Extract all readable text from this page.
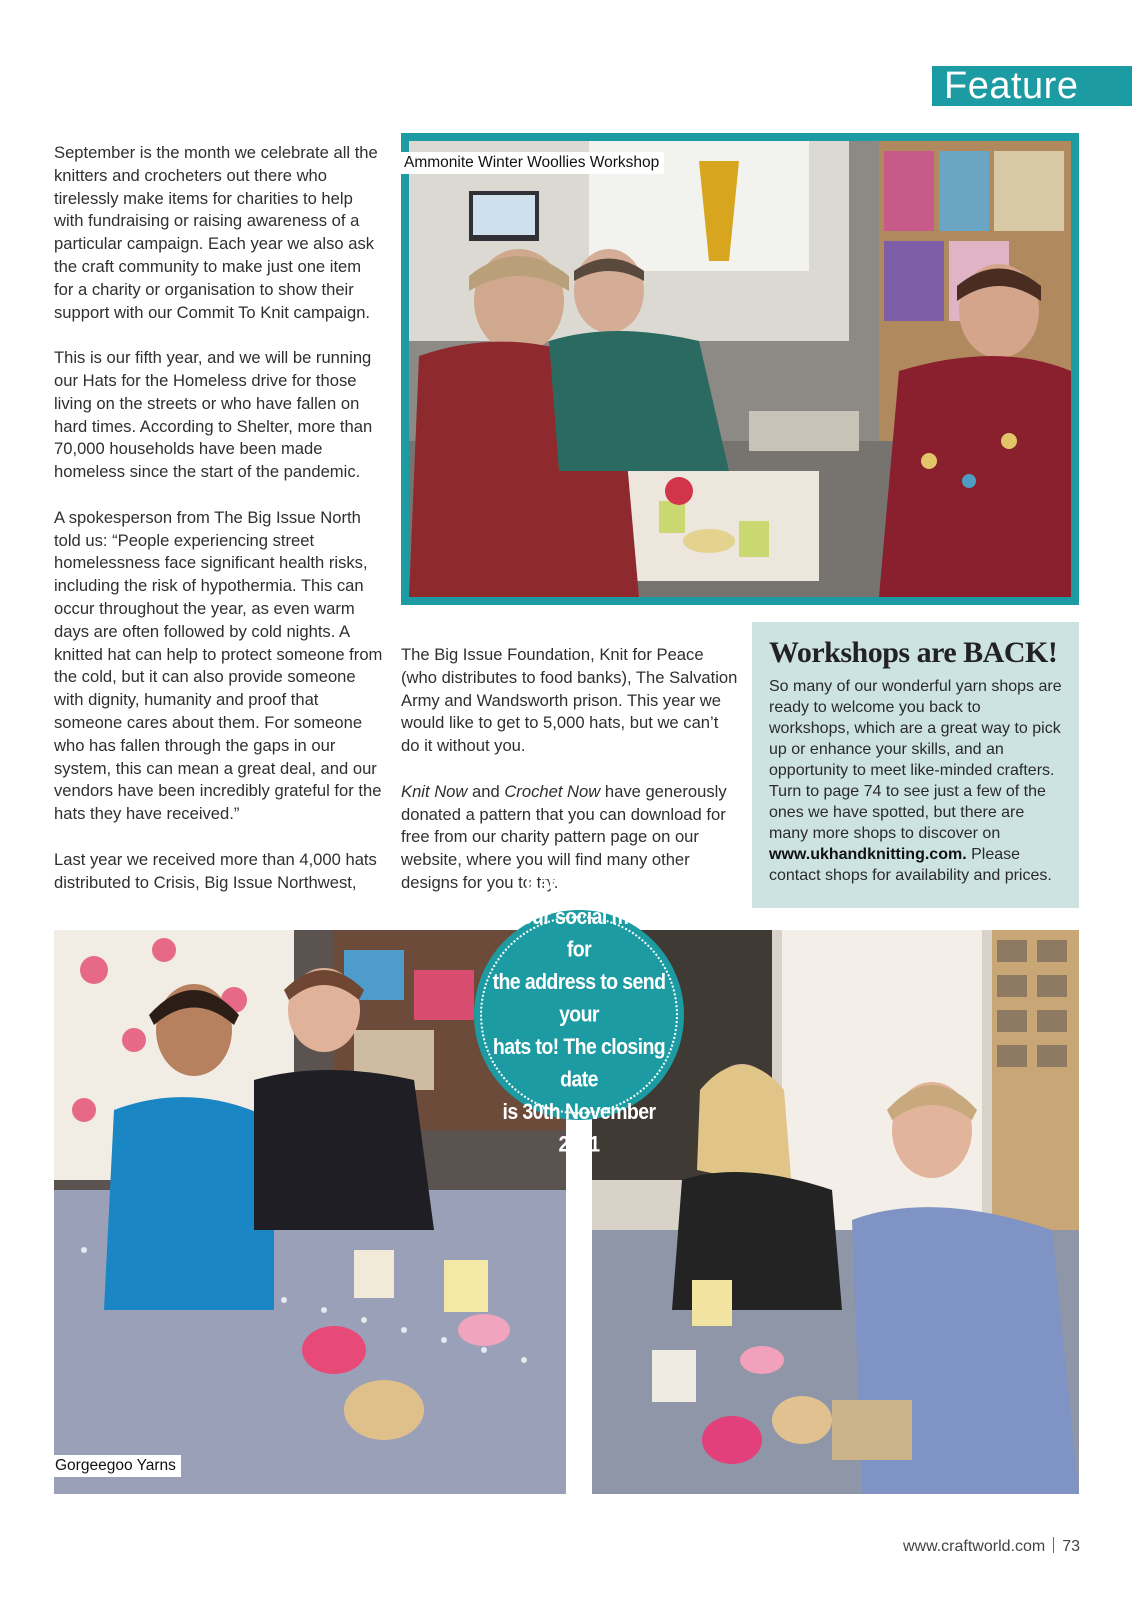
Feature

September is the month we celebrate all the knitters and crocheters out there who tirelessly make items for charities to help with fundraising or raising awareness of a particular campaign. Each year we also ask the craft community to make just one item for a charity or organisation to show their support with our Commit To Knit campaign.

This is our fifth year, and we will be running our Hats for the Homeless drive for those living on the streets or who have fallen on hard times. According to Shelter, more than 70,000 households have been made homeless since the start of the pandemic.

A spokesperson from The Big Issue North told us: “People experiencing street homelessness face significant health risks, including the risk of hypothermia. This can occur throughout the year, as even warm days are often followed by cold nights. A knitted hat can help to protect someone from the cold, but it can also provide someone with dignity, humanity and proof that someone cares about them. For someone who has fallen through the gaps in our system, this can mean a great deal, and our vendors have been incredibly grateful for the hats they have received.”

Last year we received more than 4,000 hats distributed to Crisis, Big Issue Northwest,

Ammonite Winter Woollies Workshop

The Big Issue Foundation, Knit for Peace (who distributes to food banks), The Salvation Army and Wandsworth prison. This year we would like to get to 5,000 hats, but we can’t do it without you.

Knit Now and Crochet Now have generously donated a pattern that you can download for free from our charity pattern page on our website, where you will find many other designs for you to try.

Workshops are BACK!
So many of our wonderful yarn shops are ready to welcome you back to workshops, which are a great way to pick up or enhance your skills, and an opportunity to meet like-minded crafters. Turn to page 74 to see just a few of the ones we have spotted, but there are many more shops to discover on www.ukhandknitting.com. Please contact shops for availability and prices.
Gorgeegoo Yarns
Keep an eye
on our social media for
the address to send your
hats to! The closing date
is 30th November
2021
www.craftworld.com 73
